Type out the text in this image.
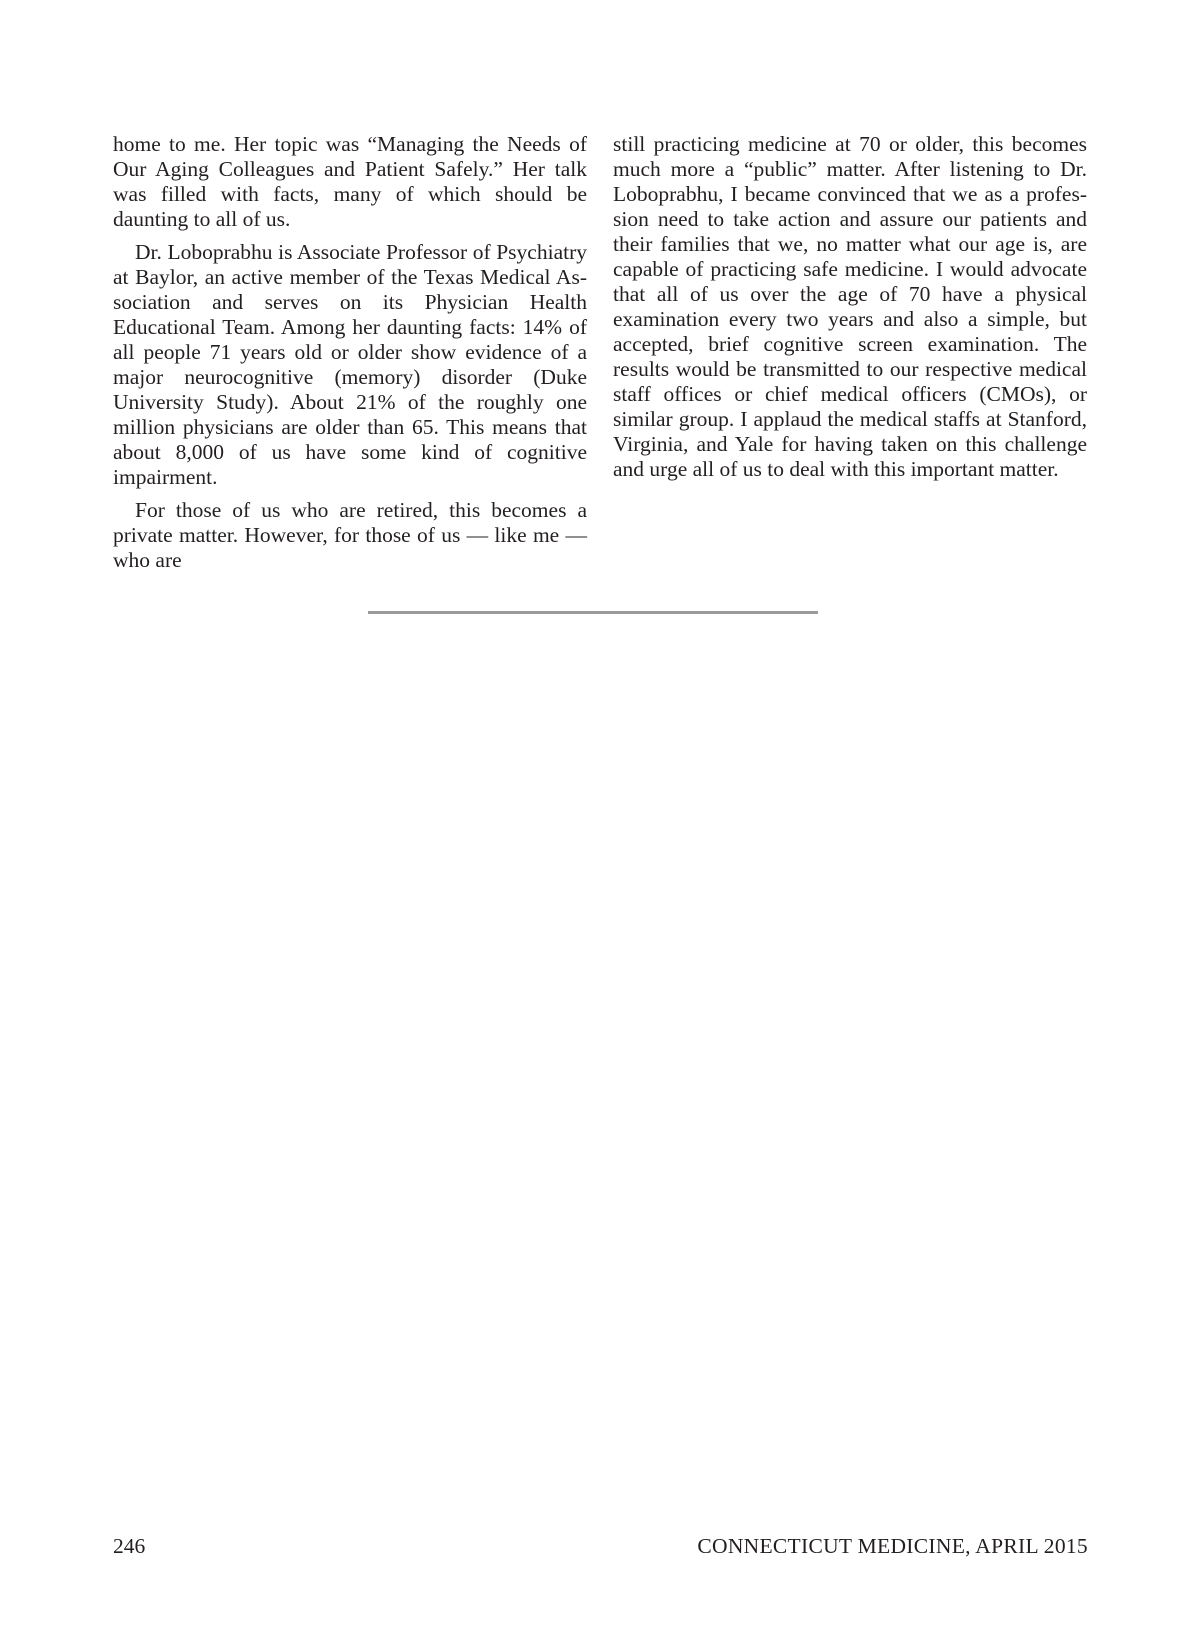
home to me. Her topic was “Managing the Needs of Our Aging Colleagues and Patient Safely.” Her talk was filled with facts, many of which should be daunting to all of us.

Dr. Loboprabhu is Associate Professor of Psychiatry at Baylor, an active member of the Texas Medical Association and serves on its Physician Health Educational Team. Among her daunting facts: 14% of all people 71 years old or older show evidence of a major neurocognitive (memory) disorder (Duke University Study). About 21% of the roughly one million physicians are older than 65. This means that about 8,000 of us have some kind of cognitive impairment.

For those of us who are retired, this becomes a private matter. However, for those of us — like me — who are

still practicing medicine at 70 or older, this becomes much more a “public” matter. After listening to Dr. Loboprabhu, I became convinced that we as a profession need to take action and assure our patients and their families that we, no matter what our age is, are capable of practicing safe medicine. I would advocate that all of us over the age of 70 have a physical examination every two years and also a simple, but accepted, brief cognitive screen examination. The results would be transmitted to our respective medical staff offices or chief medical officers (CMOs), or similar group. I applaud the medical staffs at Stanford, Virginia, and Yale for having taken on this challenge and urge all of us to deal with this important matter.

246	CONNECTICUT MEDICINE, APRIL 2015
